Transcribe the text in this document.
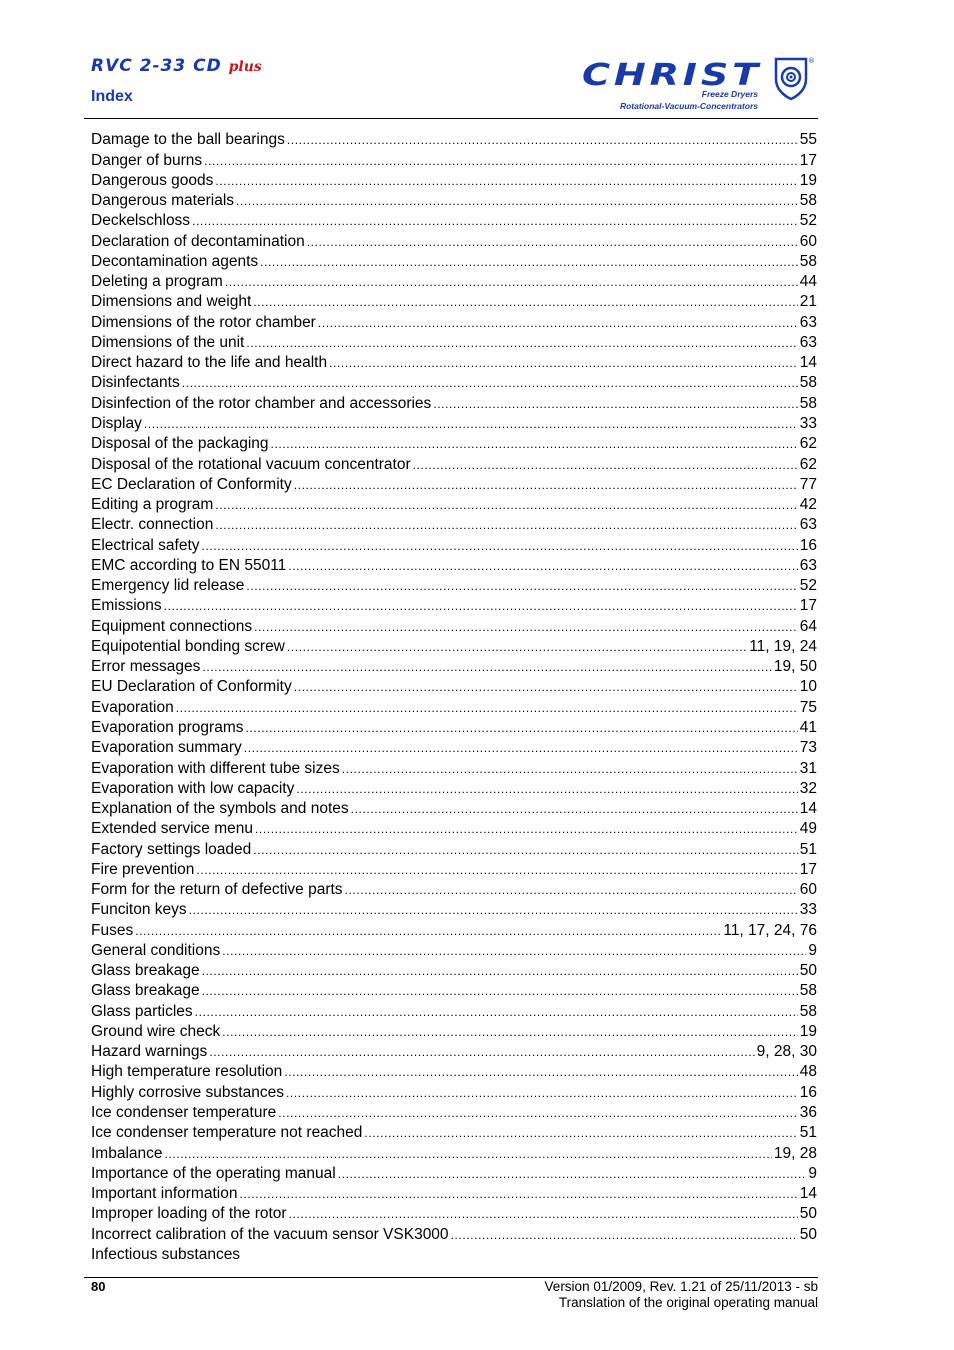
RVC 2-33 CD plus
Index
CHRIST	®
Freeze Dryers
Rotational-Vacuum-Concentrators
Damage to the ball bearings .....	55
Danger of burns .....	17
Dangerous goods .....	19
Dangerous materials .....	58
Deckelschloss .....	52
Declaration of decontamination .....	60
Decontamination agents .....	58
Deleting a program .....	44
Dimensions and weight .....	21
Dimensions of the rotor chamber .....	63
Dimensions of the unit .....	63
Direct hazard to the life and health .....	14
Disinfectants .....	58
Disinfection of the rotor chamber and accessories .....	58
Display .....	33
Disposal of the packaging .....	62
Disposal of the rotational vacuum concentrator .....	62
EC Declaration of Conformity .....	77
Editing a program .....	42
Electr. connection .....	63
Electrical safety .....	16
EMC according to EN 55011 .....	63
Emergency lid release .....	52
Emissions .....	17
Equipment connections .....	64
Equipotential bonding screw .....	11, 19, 24
Error messages .....	19, 50
EU Declaration of Conformity .....	10
Evaporation .....	75
Evaporation programs .....	41
Evaporation summary .....	73
Evaporation with different tube sizes .....	31
Evaporation with low capacity .....	32
Explanation of the symbols and notes .....	14
Extended service menu .....	49
Factory settings loaded .....	51
Fire prevention .....	17
Form for the return of defective parts .....	60
Funciton keys .....	33
Fuses .....	11, 17, 24, 76
General conditions .....	9
Glass breakage .....	50
Glass breakage .....	58
Glass particles .....	58
Ground wire check .....	19
Hazard warnings .....	9, 28, 30
High temperature resolution .....	48
Highly corrosive substances .....	16
Ice condenser temperature .....	36
Ice condenser temperature not reached .....	51
Imbalance .....	19, 28
Importance of the operating manual .....	9
Important information .....	14
Improper loading of the rotor .....	50
Incorrect calibration of the vacuum sensor VSK3000 .....	50
Infectious substances

80	Version 01/2009, Rev. 1.21 of 25/11/2013 - sb
Translation of the original operating manual
